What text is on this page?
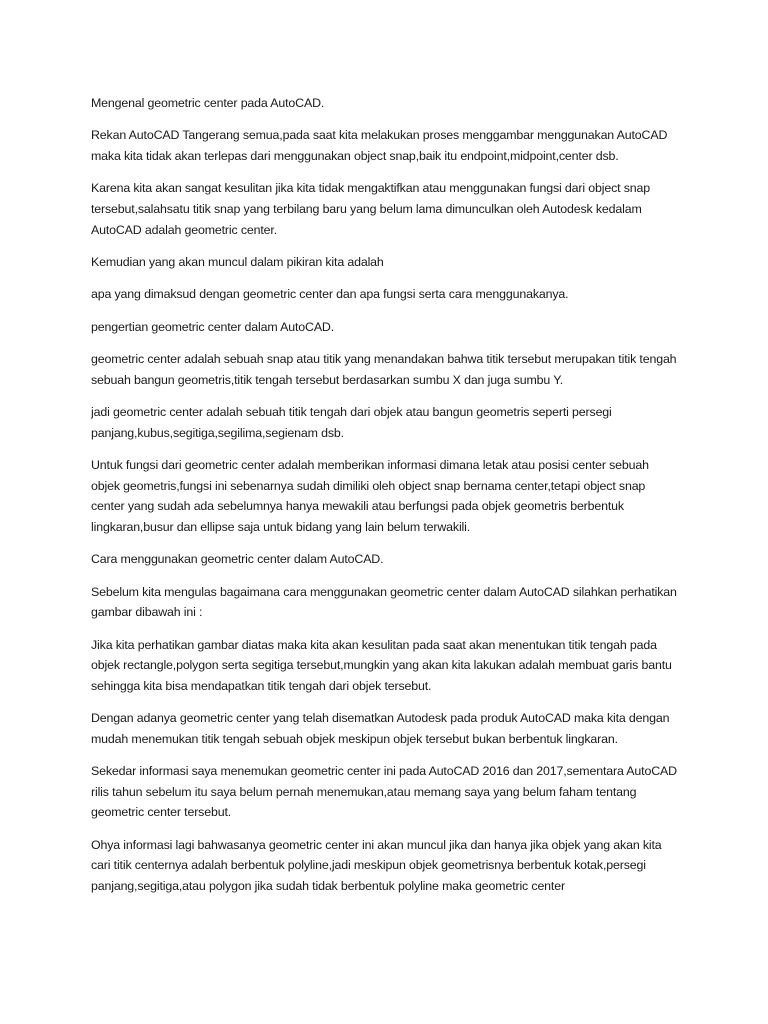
Mengenal geometric center pada AutoCAD.

Rekan AutoCAD Tangerang semua,pada saat kita melakukan proses menggambar menggunakan AutoCAD maka kita tidak akan terlepas dari menggunakan object snap,baik itu endpoint,midpoint,center dsb.

Karena kita akan sangat kesulitan jika kita tidak mengaktifkan atau menggunakan fungsi dari object snap tersebut,salahsatu titik snap yang terbilang baru yang belum lama dimunculkan oleh Autodesk kedalam AutoCAD adalah geometric center.

Kemudian yang akan muncul dalam pikiran kita adalah

apa yang dimaksud dengan geometric center dan apa fungsi serta cara menggunakanya.

pengertian geometric center dalam AutoCAD.

geometric center adalah sebuah snap atau titik yang menandakan bahwa titik tersebut merupakan titik tengah sebuah bangun geometris,titik tengah tersebut berdasarkan sumbu X dan juga sumbu Y.

jadi geometric center adalah sebuah titik tengah dari objek atau bangun geometris seperti persegi panjang,kubus,segitiga,segilima,segienam dsb.

Untuk fungsi dari geometric center adalah memberikan informasi dimana letak atau posisi center sebuah objek geometris,fungsi ini sebenarnya sudah dimiliki oleh object snap bernama center,tetapi object snap center yang sudah ada sebelumnya hanya mewakili atau berfungsi pada objek geometris berbentuk lingkaran,busur dan ellipse saja untuk bidang yang lain belum terwakili.

Cara menggunakan geometric center dalam AutoCAD.

Sebelum kita mengulas bagaimana cara menggunakan geometric center dalam AutoCAD silahkan perhatikan gambar dibawah ini :

Jika kita perhatikan gambar diatas maka kita akan kesulitan pada saat akan menentukan titik tengah pada objek rectangle,polygon serta segitiga tersebut,mungkin yang akan kita lakukan adalah membuat garis bantu sehingga kita bisa mendapatkan titik tengah dari objek tersebut.

Dengan adanya geometric center yang telah disematkan Autodesk pada produk AutoCAD maka kita dengan mudah menemukan titik tengah sebuah objek meskipun objek tersebut bukan berbentuk lingkaran.

Sekedar informasi saya menemukan geometric center ini pada AutoCAD 2016 dan 2017,sementara AutoCAD rilis tahun sebelum itu saya belum pernah menemukan,atau memang saya yang belum faham tentang geometric center tersebut.

Ohya informasi lagi bahwasanya geometric center ini akan muncul jika dan hanya jika objek yang akan kita cari titik centernya adalah berbentuk polyline,jadi meskipun objek geometrisnya berbentuk kotak,persegi panjang,segitiga,atau polygon jika sudah tidak berbentuk polyline maka geometric center
